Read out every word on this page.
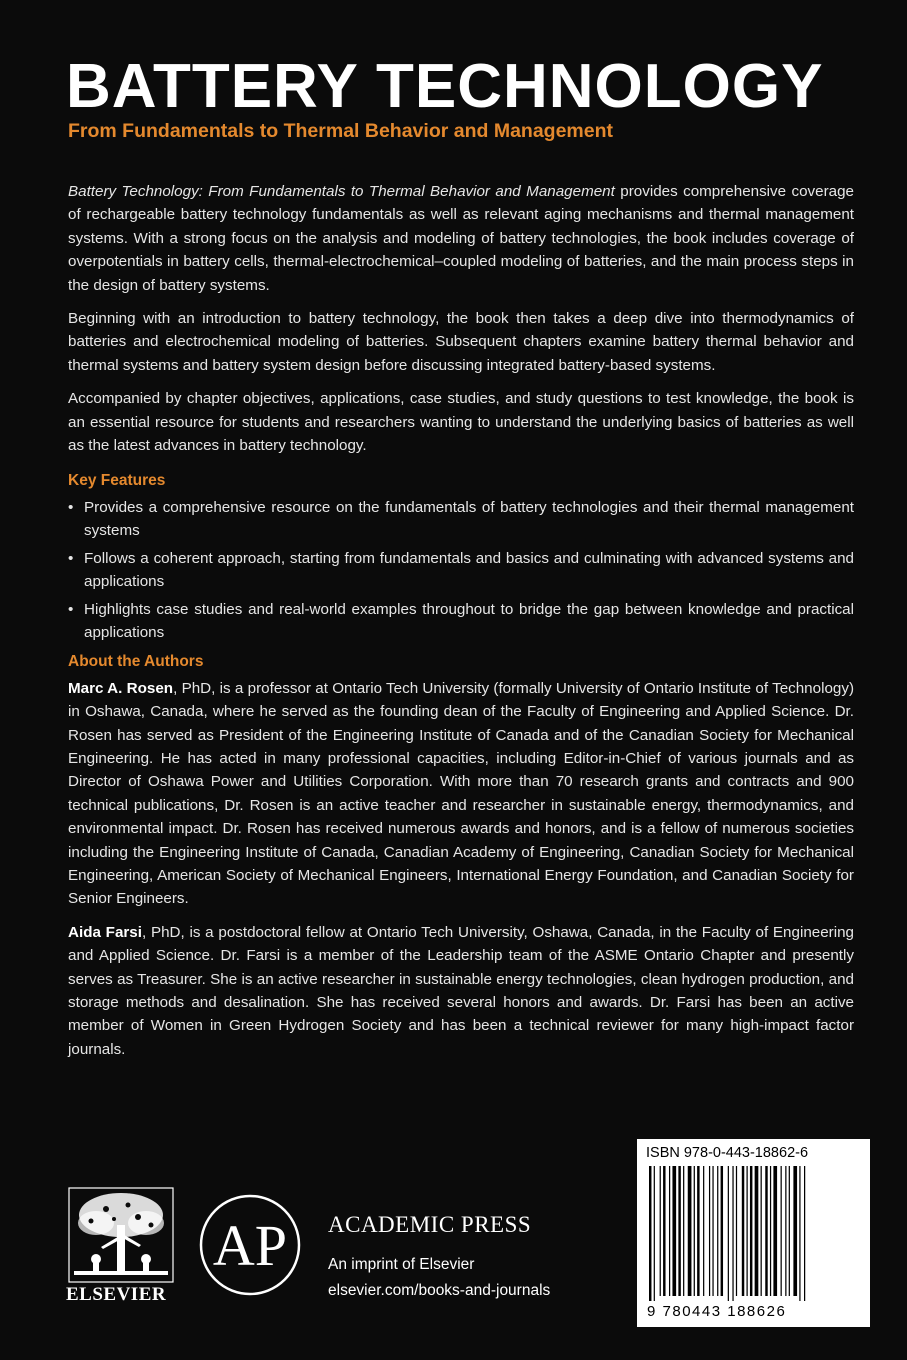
BATTERY TECHNOLOGY
From Fundamentals to Thermal Behavior and Management

Battery Technology: From Fundamentals to Thermal Behavior and Management provides comprehensive coverage of rechargeable battery technology fundamentals as well as relevant aging mechanisms and thermal management systems. With a strong focus on the analysis and modeling of battery technologies, the book includes coverage of overpotentials in battery cells, thermal-electrochemical–coupled modeling of batteries, and the main process steps in the design of battery systems.

Beginning with an introduction to battery technology, the book then takes a deep dive into thermodynamics of batteries and electrochemical modeling of batteries. Subsequent chapters examine battery thermal behavior and thermal systems and battery system design before discussing integrated battery-based systems.

Accompanied by chapter objectives, applications, case studies, and study questions to test knowledge, the book is an essential resource for students and researchers wanting to understand the underlying basics of batteries as well as the latest advances in battery technology.

Key Features
• Provides a comprehensive resource on the fundamentals of battery technologies and their thermal management systems
• Follows a coherent approach, starting from fundamentals and basics and culminating with advanced systems and applications
• Highlights case studies and real-world examples throughout to bridge the gap between knowledge and practical applications
About the Authors

Marc A. Rosen, PhD, is a professor at Ontario Tech University (formally University of Ontario Institute of Technology) in Oshawa, Canada, where he served as the founding dean of the Faculty of Engineering and Applied Science. Dr. Rosen has served as President of the Engineering Institute of Canada and of the Canadian Society for Mechanical Engineering. He has acted in many professional capacities, including Editor-in-Chief of various journals and as Director of Oshawa Power and Utilities Corporation. With more than 70 research grants and contracts and 900 technical publications, Dr. Rosen is an active teacher and researcher in sustainable energy, thermodynamics, and environmental impact. Dr. Rosen has received numerous awards and honors, and is a fellow of numerous societies including the Engineering Institute of Canada, Canadian Academy of Engineering, Canadian Society for Mechanical Engineering, American Society of Mechanical Engineers, International Energy Foundation, and Canadian Society for Senior Engineers.

Aida Farsi, PhD, is a postdoctoral fellow at Ontario Tech University, Oshawa, Canada, in the Faculty of Engineering and Applied Science. Dr. Farsi is a member of the Leadership team of the ASME Ontario Chapter and presently serves as Treasurer. She is an active researcher in sustainable energy technologies, clean hydrogen production, and storage methods and desalination. She has received several honors and awards. Dr. Farsi has been an active member of Women in Green Hydrogen Society and has been a technical reviewer for many high-impact factor journals.

ELSEVIER
AP ACADEMIC PRESS
An imprint of Elsevier
elsevier.com/books-and-journals
ISBN 978-0-443-18862-6
9 780443 188626
